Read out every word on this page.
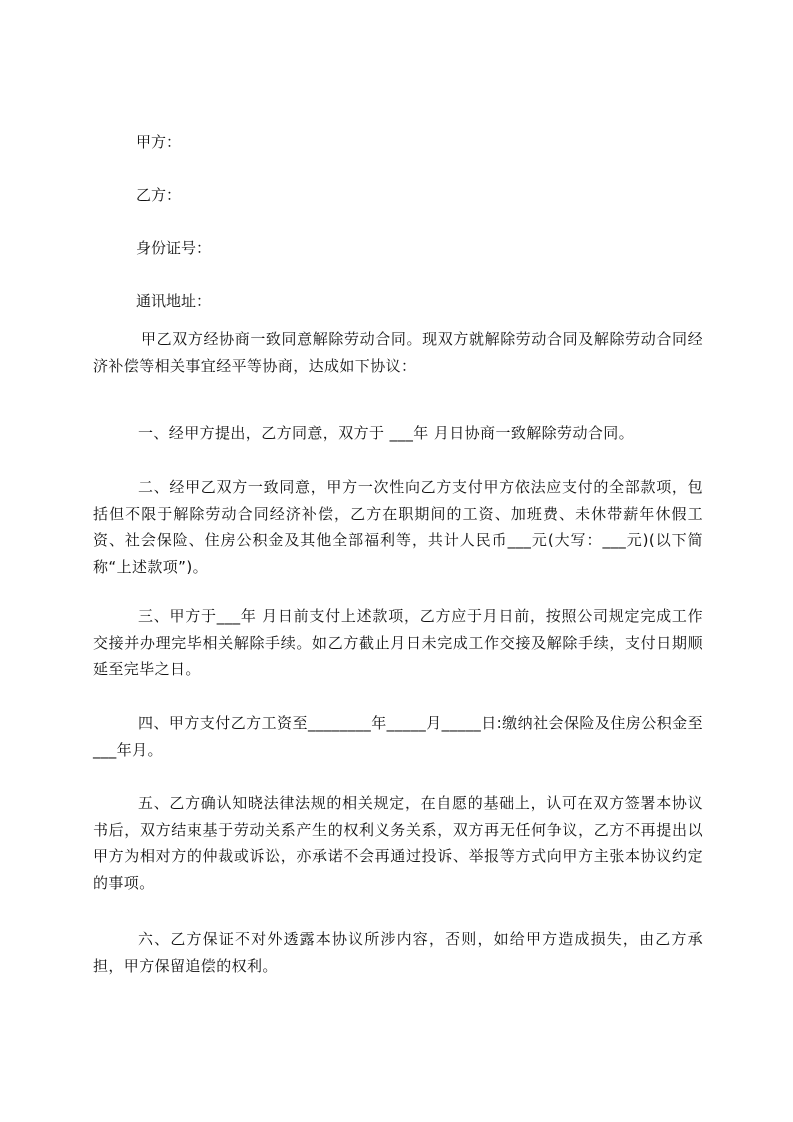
甲方：
乙方：
身份证号：
通讯地址：

甲乙双方经协商一致同意解除劳动合同。现双方就解除劳动合同及解除劳动合同经济补偿等相关事宜经平等协商，达成如下协议：

一、经甲方提出，乙方同意，双方于 ___年 月日协商一致解除劳动合同。

二、经甲乙双方一致同意，甲方一次性向乙方支付甲方依法应支付的全部款项，包括但不限于解除劳动合同经济补偿，乙方在职期间的工资、加班费、未休带薪年休假工资、社会保险、住房公积金及其他全部福利等，共计人民币___元(大写：___元)(以下简称“上述款项”)。

三、甲方于___年 月日前支付上述款项，乙方应于月日前，按照公司规定完成工作交接并办理完毕相关解除手续。如乙方截止月日未完成工作交接及解除手续，支付日期顺延至完毕之日。

四、甲方支付乙方工资至________年_____月_____日:缴纳社会保险及住房公积金至___年月。

五、乙方确认知晓法律法规的相关规定，在自愿的基础上，认可在双方签署本协议书后，双方结束基于劳动关系产生的权利义务关系，双方再无任何争议，乙方不再提出以甲方为相对方的仲裁或诉讼，亦承诺不会再通过投诉、举报等方式向甲方主张本协议约定的事项。

六、乙方保证不对外透露本协议所涉内容，否则，如给甲方造成损失，由乙方承担，甲方保留追偿的权利。
